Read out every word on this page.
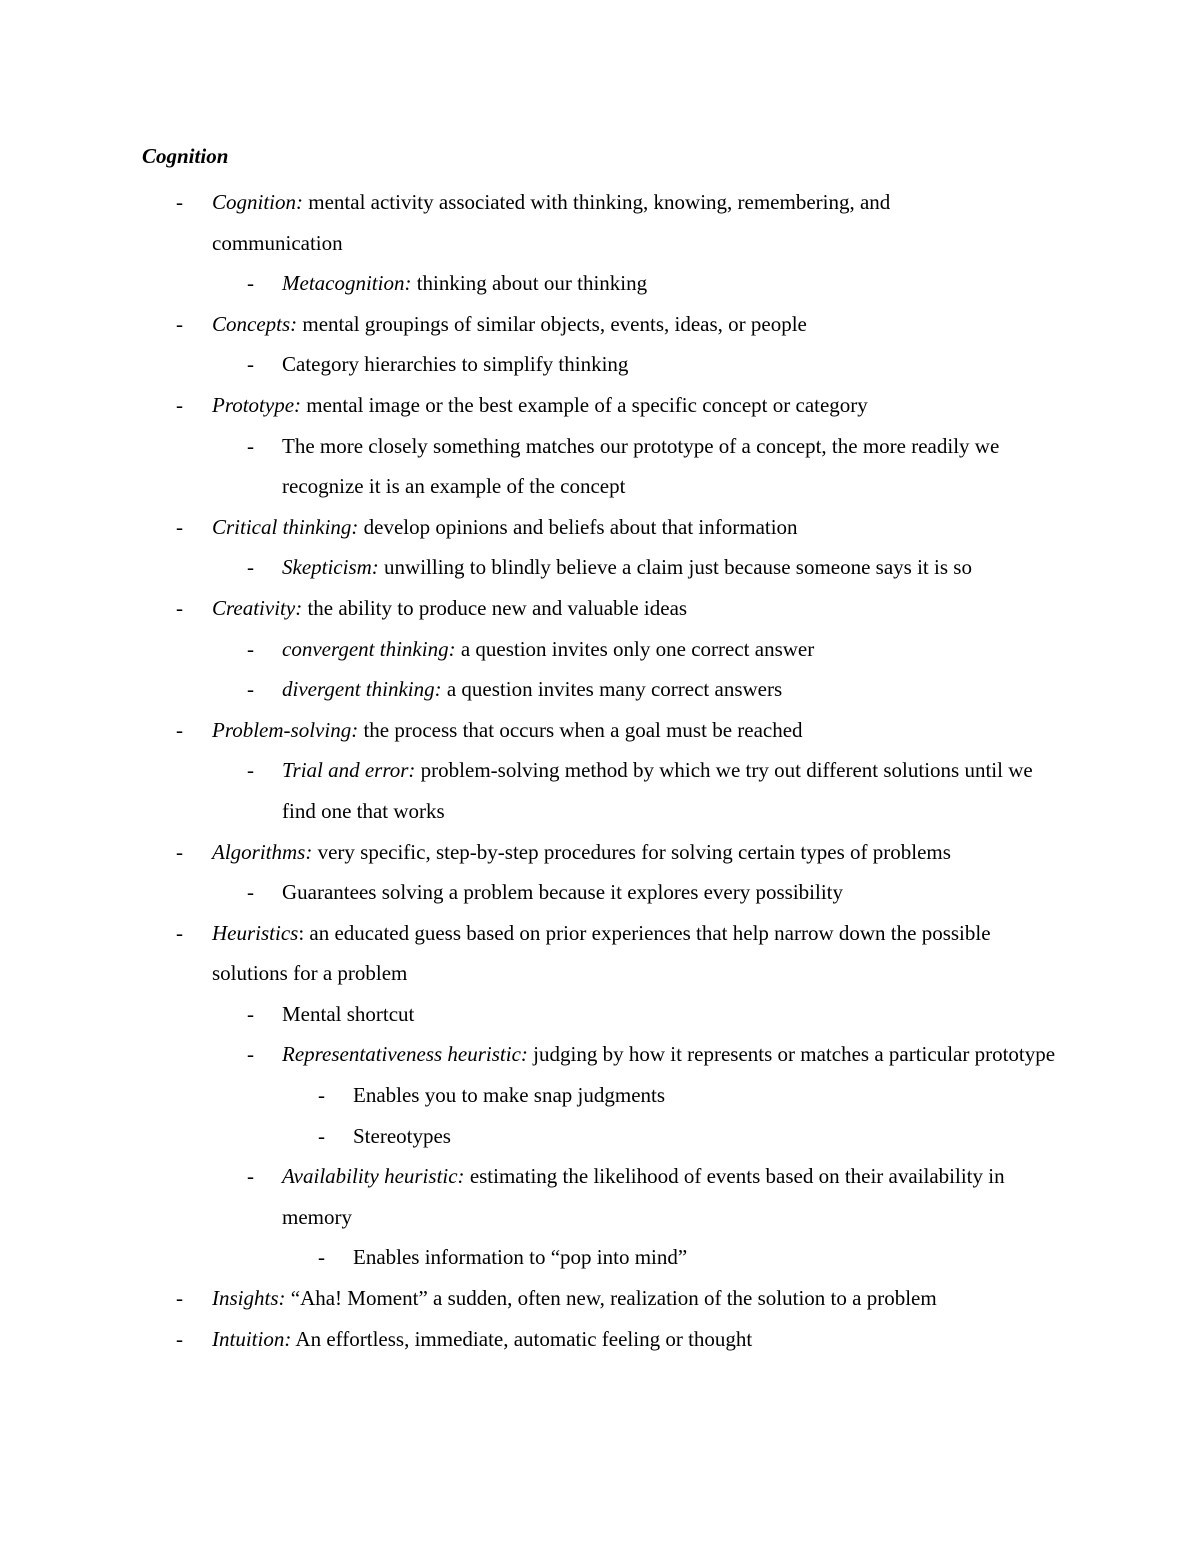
Cognition
- Cognition: mental activity associated with thinking, knowing, remembering, and communication
- Metacognition: thinking about our thinking
- Concepts: mental groupings of similar objects, events, ideas, or people
- Category hierarchies to simplify thinking
- Prototype: mental image or the best example of a specific concept or category
- The more closely something matches our prototype of a concept, the more readily we recognize it is an example of the concept
- Critical thinking: develop opinions and beliefs about that information
- Skepticism: unwilling to blindly believe a claim just because someone says it is so
- Creativity: the ability to produce new and valuable ideas
- convergent thinking: a question invites only one correct answer
- divergent thinking: a question invites many correct answers
- Problem-solving: the process that occurs when a goal must be reached
- Trial and error: problem-solving method by which we try out different solutions until we find one that works
- Algorithms: very specific, step-by-step procedures for solving certain types of problems
- Guarantees solving a problem because it explores every possibility
- Heuristics: an educated guess based on prior experiences that help narrow down the possible solutions for a problem
- Mental shortcut
- Representativeness heuristic: judging by how it represents or matches a particular prototype
- Enables you to make snap judgments
- Stereotypes
- Availability heuristic: estimating the likelihood of events based on their availability in memory
- Enables information to “pop into mind”
- Insights: “Aha! Moment” a sudden, often new, realization of the solution to a problem
- Intuition: An effortless, immediate, automatic feeling or thought
